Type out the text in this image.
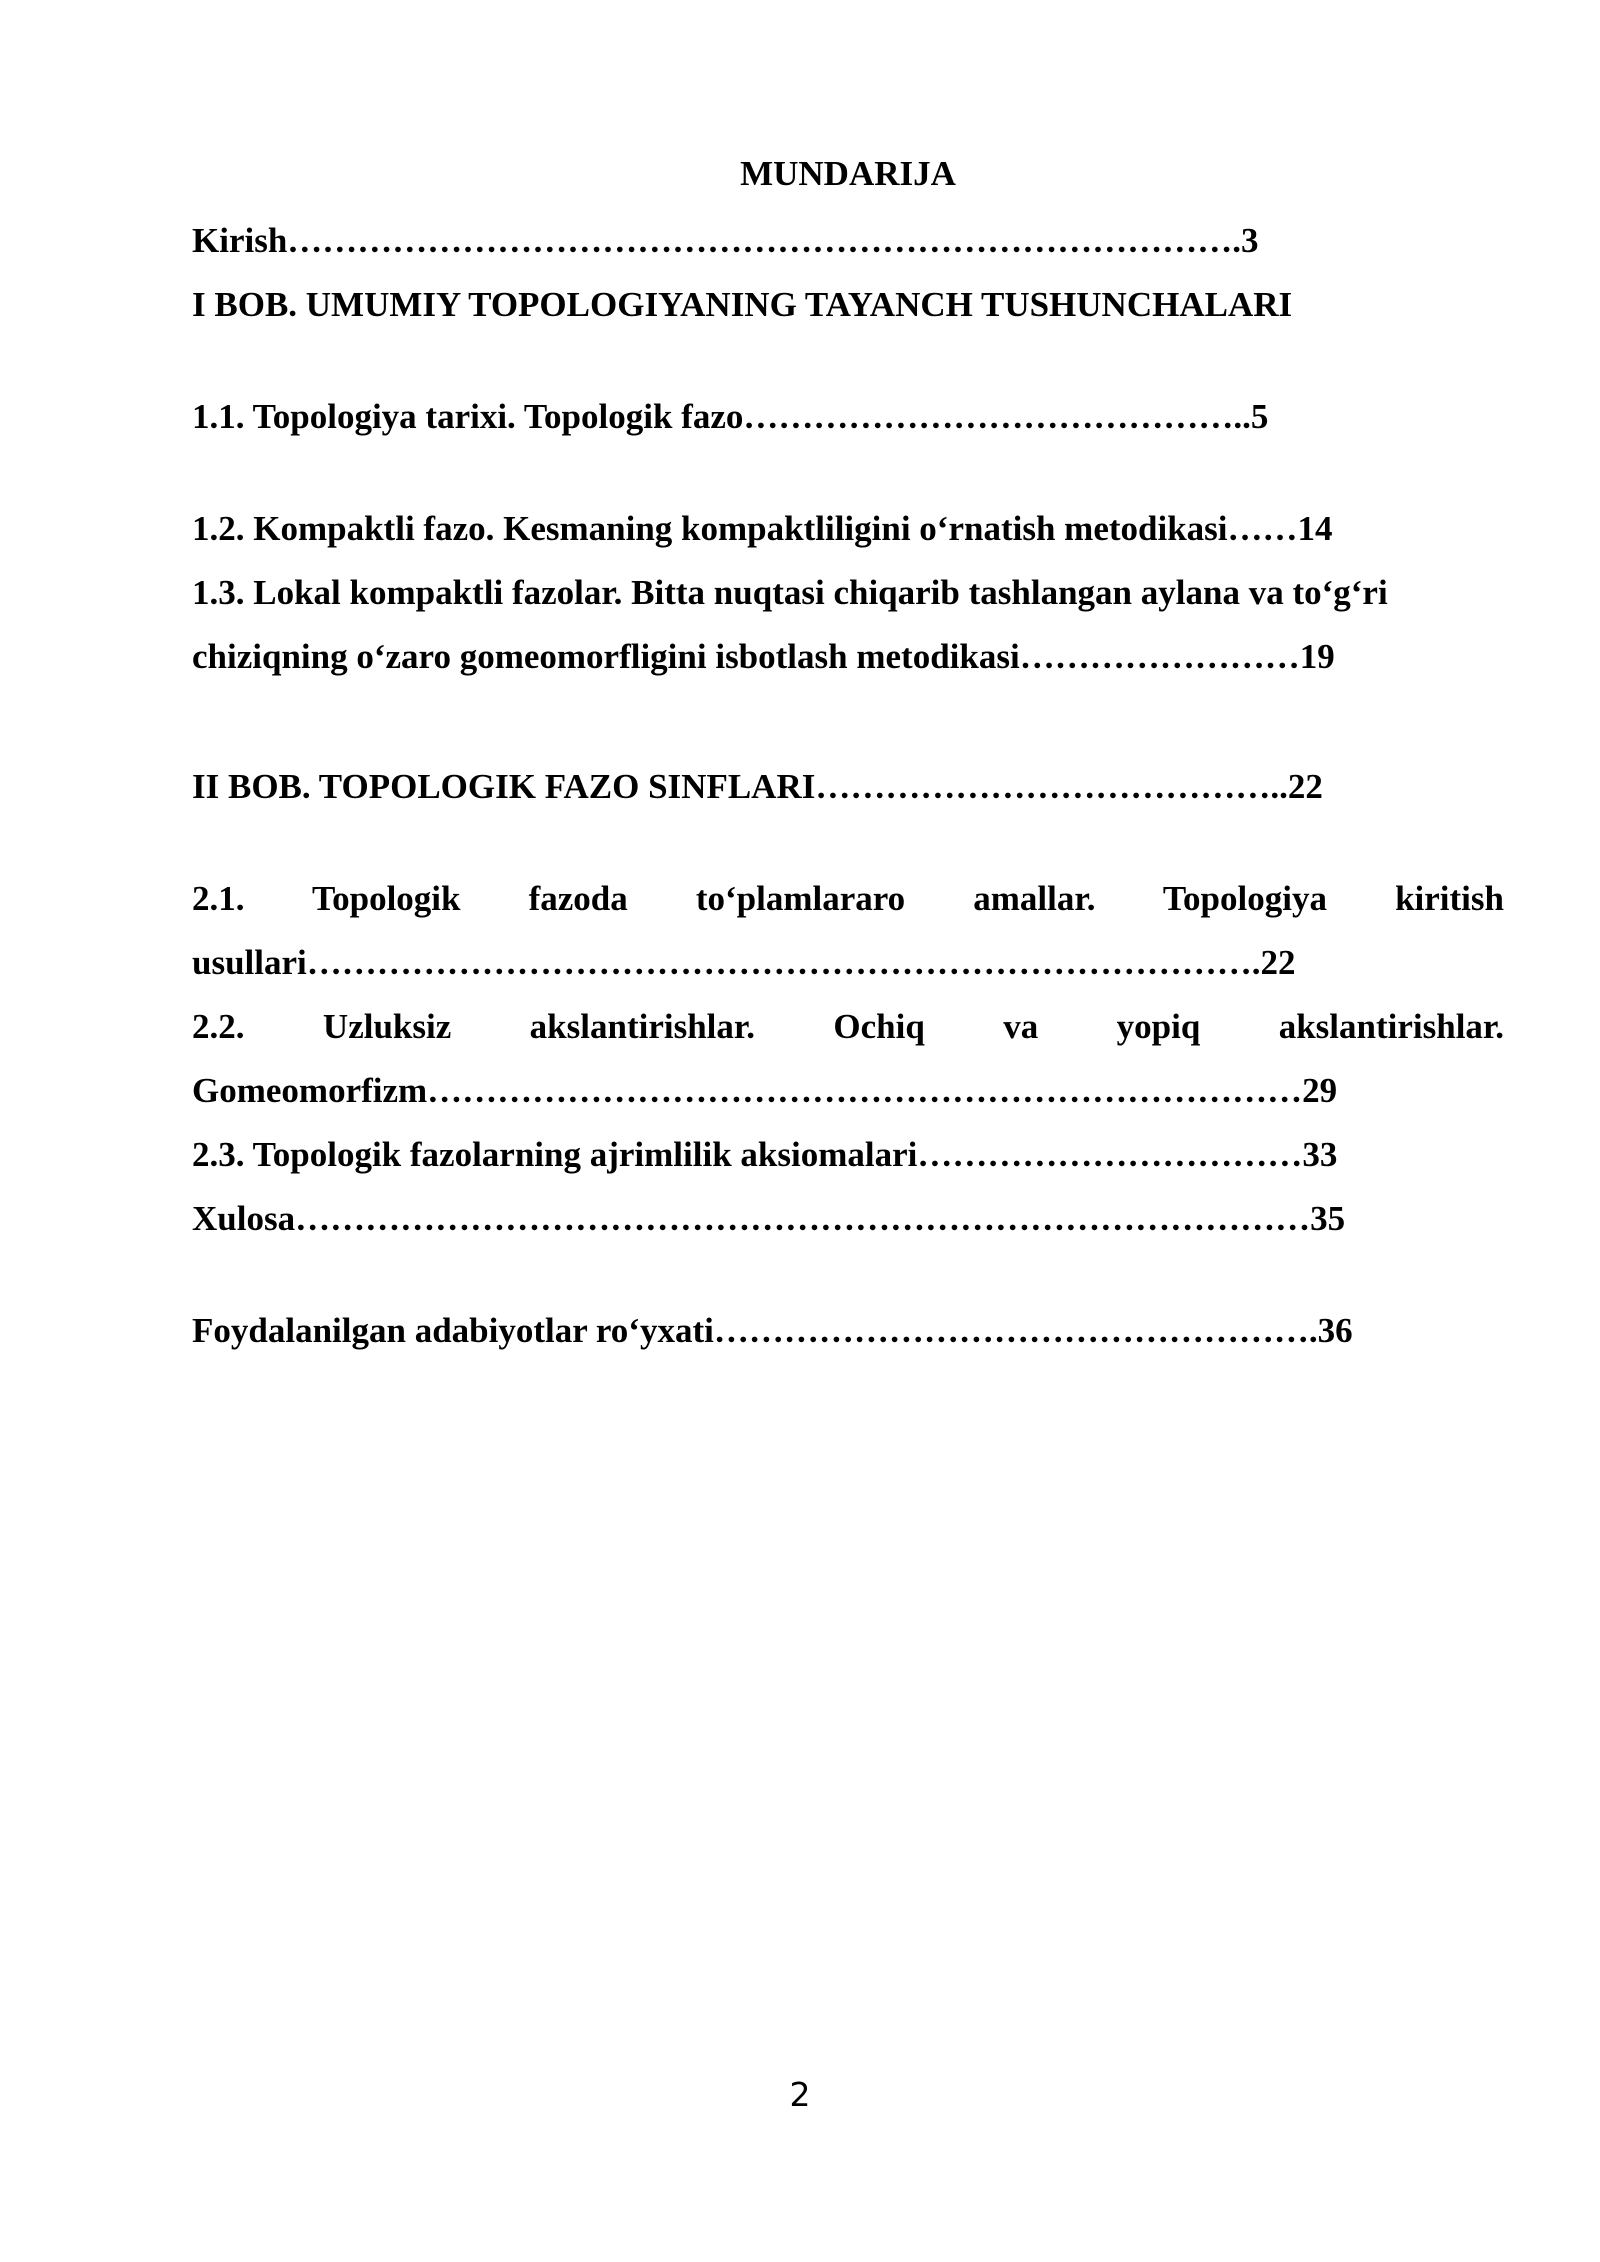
MUNDARIJA
Kirish……………………………………………………………………….3
I BOB. UMUMIY TOPOLOGIYANING TAYANCH TUSHUNCHALARI
1.1. Topologiya tarixi. Topologik fazo……………………………………..5
1.2. Kompaktli fazo. Kesmaning kompaktliligini oʻrnatish metodikasi……14
1.3. Lokal kompaktli fazolar. Bitta nuqtasi chiqarib tashlangan aylana va toʻgʻri
chiziqning oʻzaro gomeomorfligini isbotlash metodikasi……………………19
II BOB. TOPOLOGIK FAZO SINFLARI…………………………………..22
2.1. Topologik fazoda toʻplamlararo amallar. Topologiya kiritish
usullari……………………………………………………………………….22
2.2. Uzluksiz akslantirishlar. Ochiq va yopiq akslantirishlar.
Gomeomorfizm…………………………………………………………………29
2.3. Topologik fazolarning ajrimlilik aksiomalari……………………………33
Xulosa……………………………………………………………………………35
Foydalanilgan adabiyotlar roʻyxati…………………………………………….36
2
